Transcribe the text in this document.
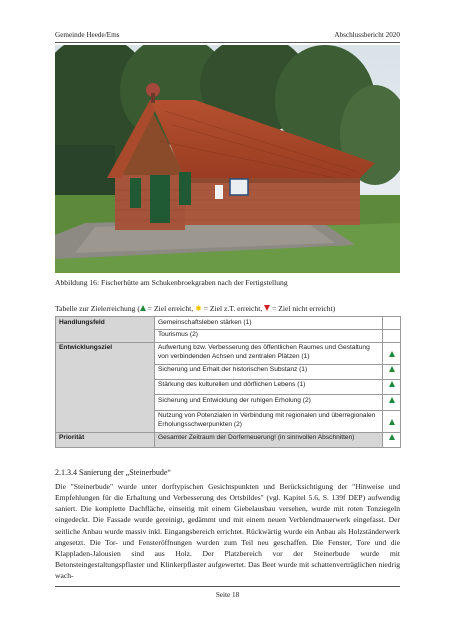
Gemeinde Heede/Ems	Abschlussbericht 2020
Abbildung 16: Fischerhütte am Schukenbroekgraben nach der Fertigstellung
Tabelle zur Zielerreichung ( = Ziel erreicht, ✸ = Ziel z.T. erreicht, = Ziel nicht erreicht)
Handlungsfeld	Gemeinschaftsleben stärken (1)	
	Tourismus (2)	
Entwicklungsziel	Aufwertung bzw. Verbesserung des öffentlichen Raumes und Gestaltung von verbindenden Achsen und zentralen Plätzen (1)	
	Sicherung und Erhalt der historischen Substanz (1)	
	Stärkung des kulturellen und dörflichen Lebens (1)	
	Sicherung und Entwicklung der ruhigen Erholung (2)	
	Nutzung von Potenzialen in Verbindung mit regionalen und überregionalen Erholungsschwerpunkten (2)	
Priorität	Gesamter Zeitraum der Dorferneuerung! (in sinnvollen Abschnitten)	
2.1.3.4 Sanierung der „Steinerbude“
Die "Steinerbude" wurde unter dorftypischen Gesichtspunkten und Berücksichtigung der "Hinweise und Empfehlungen für die Erhaltung und Verbesserung des Ortsbildes" (vgl. Kapitel 5.6, S. 139f DEP) aufwendig saniert. Die komplette Dachfläche, einseitig mit einem Giebelausbau versehen, wurde mit roten Tonziegeln eingedeckt. Die Fassade wurde gereinigt, gedämmt und mit einem neuen Verblendmauerwerk eingefasst. Der seitliche Anbau wurde massiv inkl. Eingangsbereich errichtet. Rückwärtig wurde ein Anbau als Holzständerwerk angesetzt. Die Tor- und Fensteröffnungen wurden zum Teil neu geschaffen. Die Fenster, Tore und die Klappladen-Jalousien sind aus Holz. Der Platzbereich vor der Steinerbude wurde mit Betonsteingestaltungspflaster und Klinkerpflaster aufgewertet. Das Beet wurde mit schattenverträglichen niedrig wach-
Seite 18
